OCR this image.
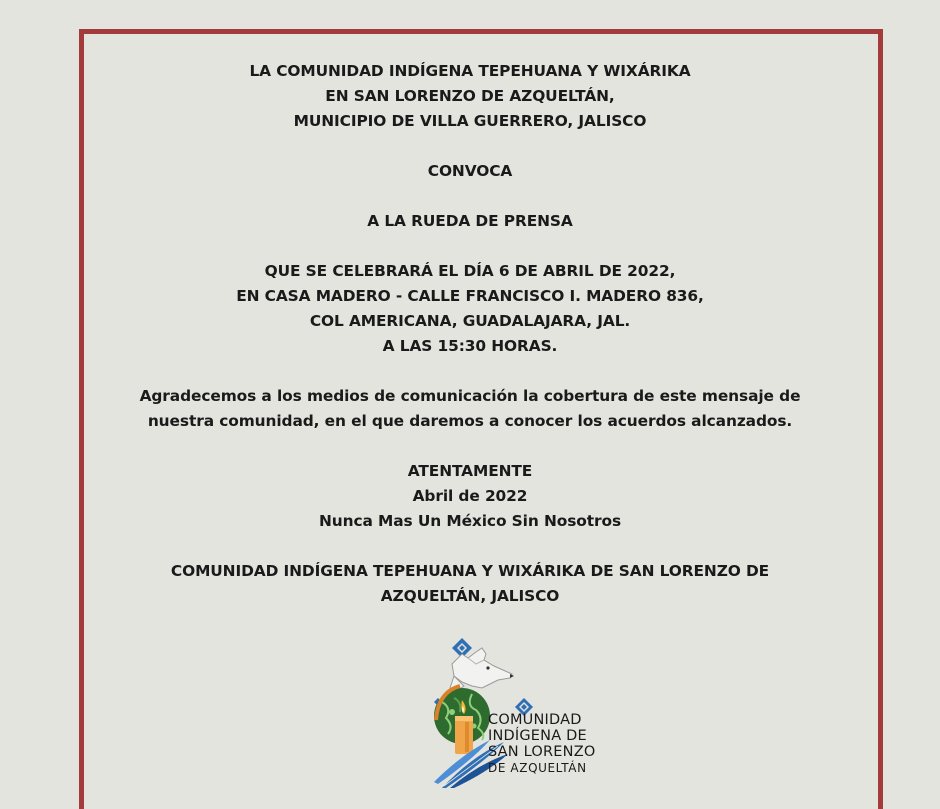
LA COMUNIDAD INDÍGENA TEPEHUANA Y WIXÁRIKA
EN SAN LORENZO DE AZQUELTÁN,
MUNICIPIO DE VILLA GUERRERO, JALISCO

CONVOCA

A LA RUEDA DE PRENSA

QUE SE CELEBRARÁ EL DÍA 6 DE ABRIL DE 2022,
EN CASA MADERO - CALLE FRANCISCO I. MADERO 836,
COL AMERICANA, GUADALAJARA, JAL.
A LAS 15:30 HORAS.

Agradecemos a los medios de comunicación la cobertura de este mensaje de nuestra comunidad, en el que daremos a conocer los acuerdos alcanzados.

ATENTAMENTE
Abril de 2022
Nunca Mas Un México Sin Nosotros

COMUNIDAD INDÍGENA TEPEHUANA Y WIXÁRIKA DE SAN LORENZO DE
AZQUELTÁN, JALISCO

COMUNIDAD
INDÍGENA DE
SAN LORENZO
DE AZQUELTÁN
